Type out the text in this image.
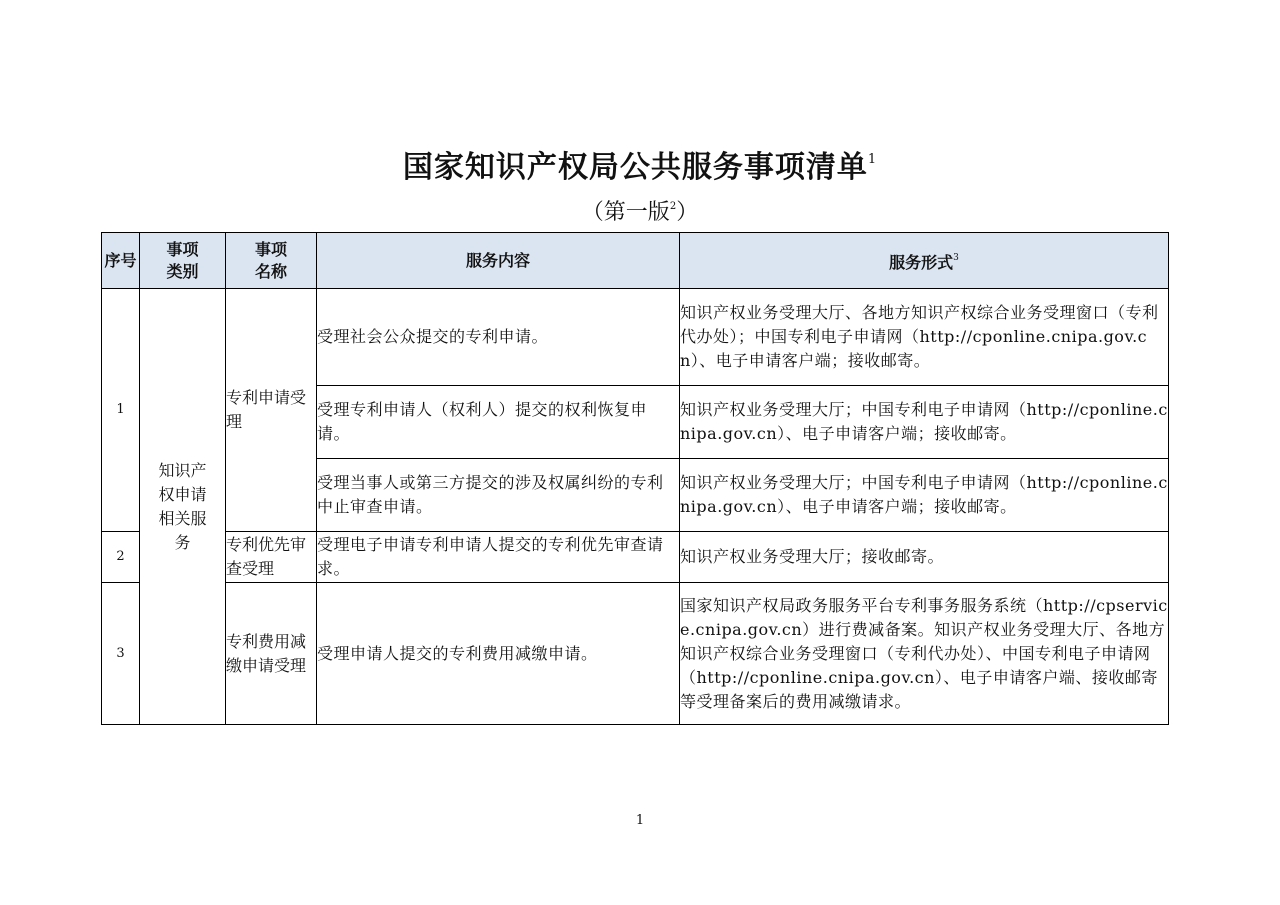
国家知识产权局公共服务事项清单$^1$
（第一版$^2$）
序号	事项类别	事项名称	服务内容	服务形式$^3$
1	知识产权申请相关服务	专利申请受理	受理社会公众提交的专利申请。	知识产权业务受理大厅、各地方知识产权综合业务受理窗口（专利代办处）；中国专利电子申请网（http://cponline.cnipa.gov.cn）、电子申请客户端；接收邮寄。
			受理专利申请人（权利人）提交的权利恢复申请。	知识产权业务受理大厅；中国专利电子申请网（http://cponline.cnipa.gov.cn）、电子申请客户端；接收邮寄。
			受理当事人或第三方提交的涉及权属纠纷的专利中止审查申请。	知识产权业务受理大厅；中国专利电子申请网（http://cponline.cnipa.gov.cn）、电子申请客户端；接收邮寄。
2		专利优先审查受理	受理电子申请专利申请人提交的专利优先审查请求。	知识产权业务受理大厅；接收邮寄。
3		专利费用减缴申请受理	受理申请人提交的专利费用减缴申请。	国家知识产权局政务服务平台专利事务服务系统（http://cpservice.cnipa.gov.cn）进行费减备案。知识产权业务受理大厅、各地方知识产权综合业务受理窗口（专利代办处）、中国专利电子申请网（http://cponline.cnipa.gov.cn）、电子申请客户端、接收邮寄等受理备案后的费用减缴请求。
1
